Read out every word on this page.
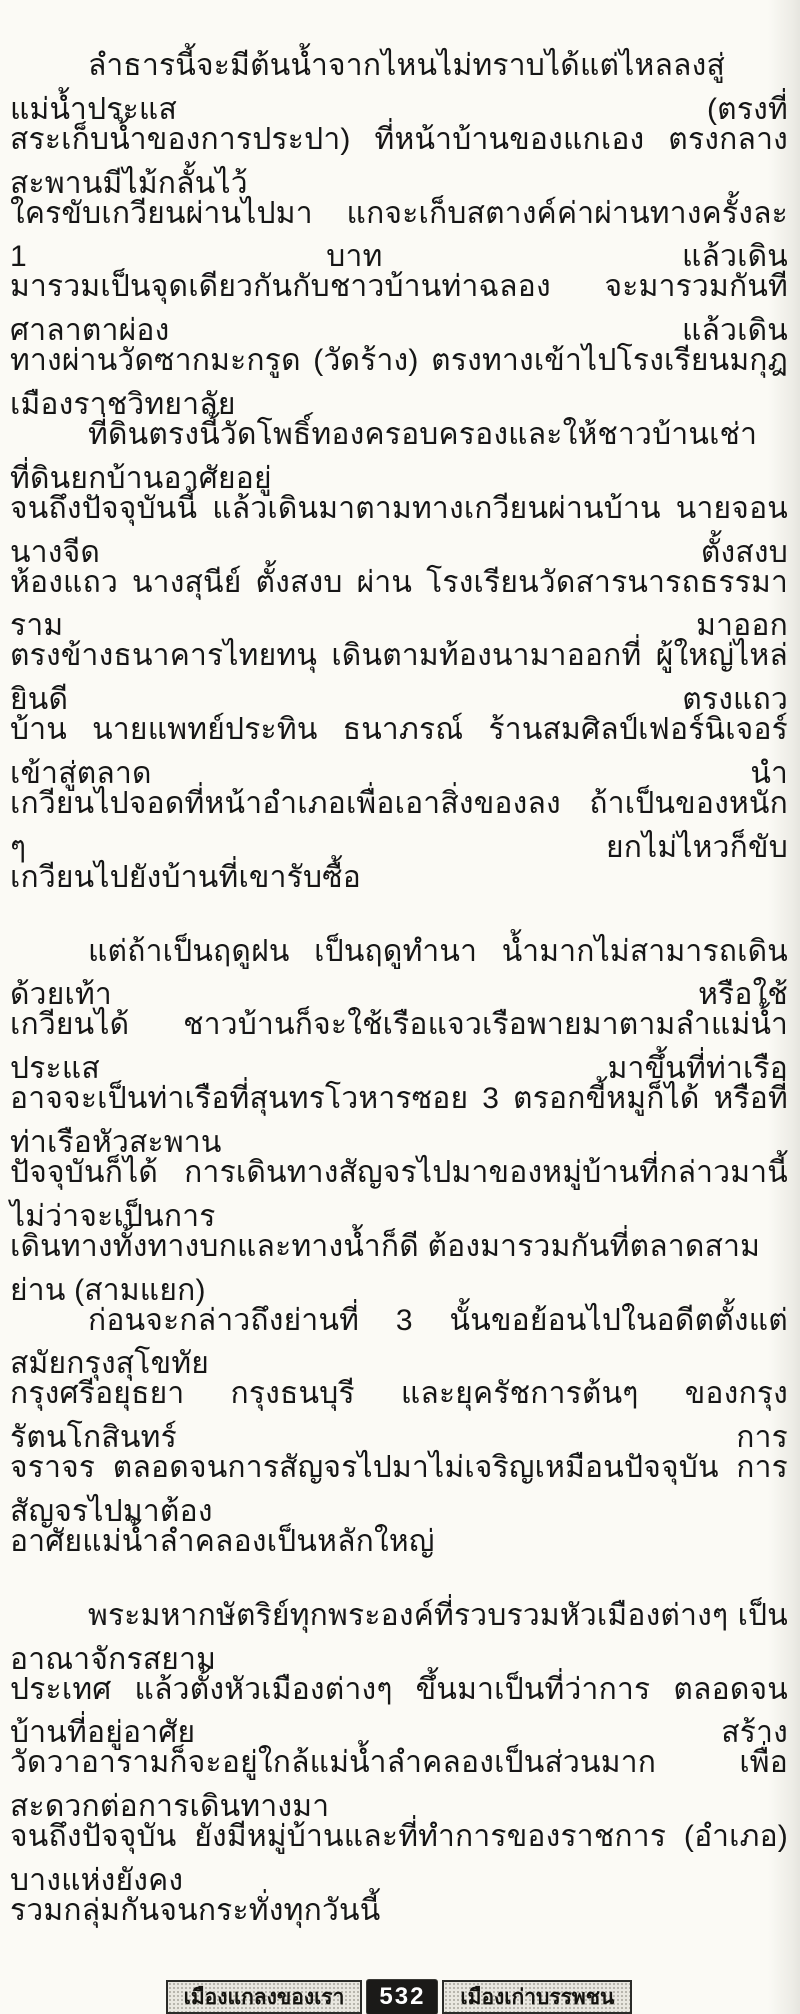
ลำธารนี้จะมีต้นน้ำจากไหนไม่ทราบได้แต่ไหลลงสู่แม่น้ำประแส (ตรงที่

สระเก็บน้ำของการประปา) ที่หน้าบ้านของแกเอง ตรงกลางสะพานมีไม้กลั้นไว้

ใครขับเกวียนผ่านไปมา แกจะเก็บสตางค์ค่าผ่านทางครั้งละ 1 บาท แล้วเดิน

มารวมเป็นจุดเดียวกันกับชาวบ้านท่าฉลอง จะมารวมกันทีศาลาตาผ่อง แล้วเดิน

ทางผ่านวัดซากมะกรูด (วัดร้าง) ตรงทางเข้าไปโรงเรียนมกุฎเมืองราชวิทยาลัย

ที่ดินตรงนี้วัดโพธิ์ทองครอบครองและให้ชาวบ้านเช่าที่ดินยกบ้านอาศัยอยู่

จนถึงปัจจุบันนี้ แล้วเดินมาตามทางเกวียนผ่านบ้าน นายจอน นางจีด ตั้งสงบ

ห้องแถว นางสุนีย์ ตั้งสงบ ผ่าน โรงเรียนวัดสารนารถธรรมาราม มาออก

ตรงข้างธนาคารไทยทนุ เดินตามท้องนามาออกที่ ผู้ใหญ่ไหล่ ยินดี ตรงแถว

บ้าน นายแพทย์ประทิน ธนาภรณ์ ร้านสมศิลป์เฟอร์นิเจอร์ เข้าสู่ตลาด นำ

เกวียนไปจอดที่หน้าอำเภอเพื่อเอาสิ่งของลง ถ้าเป็นของหนัก ๆ ยกไม่ไหวก็ขับ

เกวียนไปยังบ้านที่เขารับซื้อ

แต่ถ้าเป็นฤดูฝน เป็นฤดูทำนา น้ำมากไม่สามารถเดินด้วยเท้า หรือใช้

เกวียนได้ ชาวบ้านก็จะใช้เรือแจวเรือพายมาตามลำแม่น้ำประแส มาขึ้นที่ท่าเรือ

อาจจะเป็นท่าเรือที่สุนทรโวหารซอย 3 ตรอกขี้หมูก็ได้ หรือที่ท่าเรือหัวสะพาน

ปัจจุบันก็ได้ การเดินทางสัญจรไปมาของหมู่บ้านที่กล่าวมานี้ ไม่ว่าจะเป็นการ

เดินทางทั้งทางบกและทางน้ำก็ดี ต้องมารวมกันที่ตลาดสามย่าน (สามแยก)

ก่อนจะกล่าวถึงย่านที่ 3 นั้นขอย้อนไปในอดีตตั้งแต่ สมัยกรุงสุโขทัย

กรุงศรีอยุธยา กรุงธนบุรี และยุครัชการต้นๆ ของกรุงรัตนโกสินทร์ การ

จราจร ตลอดจนการสัญจรไปมาไม่เจริญเหมือนปัจจุบัน การสัญจรไปมาต้อง

อาศัยแม่น้ำลำคลองเป็นหลักใหญ่

พระมหากษัตริย์ทุกพระองค์ที่รวบรวมหัวเมืองต่างๆ เป็นอาณาจักรสยาม

ประเทศ แล้วตั้งหัวเมืองต่างๆ ขึ้นมาเป็นที่ว่าการ ตลอดจนบ้านที่อยู่อาศัย สร้าง

วัดวาอารามก็จะอยู่ใกล้แม่น้ำลำคลองเป็นส่วนมาก เพื่อสะดวกต่อการเดินทางมา

จนถึงปัจจุบัน ยังมีหมู่บ้านและที่ทำการของราชการ (อำเภอ) บางแห่งยังคง

รวมกลุ่มกันจนกระทั่งทุกวันนี้

เมืองแกลงของเรา	532	เมืองเก่าบรรพชน
